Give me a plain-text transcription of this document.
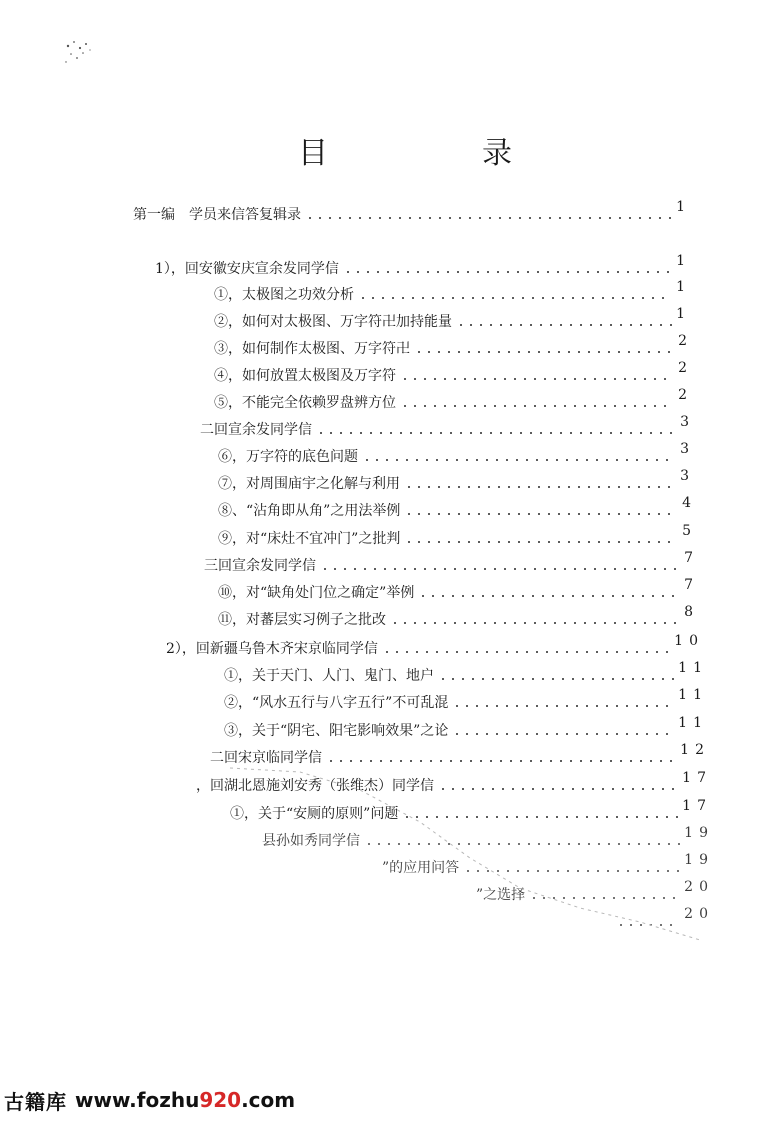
目	录
第一编　学员来信答复辑录	1
1），回安徽安庆宣余发同学信	1
①，太极图之功效分析	1
②，如何对太极图、万字符卍加持能量	1
③，如何制作太极图、万字符卍	2
④，如何放置太极图及万字符	2
⑤，不能完全依赖罗盘辨方位	2
二回宣余发同学信	3
⑥，万字符的底色问题	3
⑦，对周围庙宇之化解与利用	3
⑧、“沾角即从角”之用法举例	4
⑨，对“床灶不宜冲门”之批判	5
三回宣余发同学信	7
⑩，对“缺角处门位之确定”举例	7
⑪，对蕃层实习例子之批改	8
2），回新疆乌鲁木齐宋京临同学信	10
①，关于天门、人门、鬼门、地户	11
②，“风水五行与八字五行”不可乱混	11
③，关于“阴宅、阳宅影响效果”之论	11
二回宋京临同学信	12
，回湖北恩施刘安秀（张维杰）同学信	17
①，关于“安厕的原则”问题	17
县孙如秀同学信	19
”的应用问答	19
”之选择	20
20
古籍库 www.fozhu920.com
